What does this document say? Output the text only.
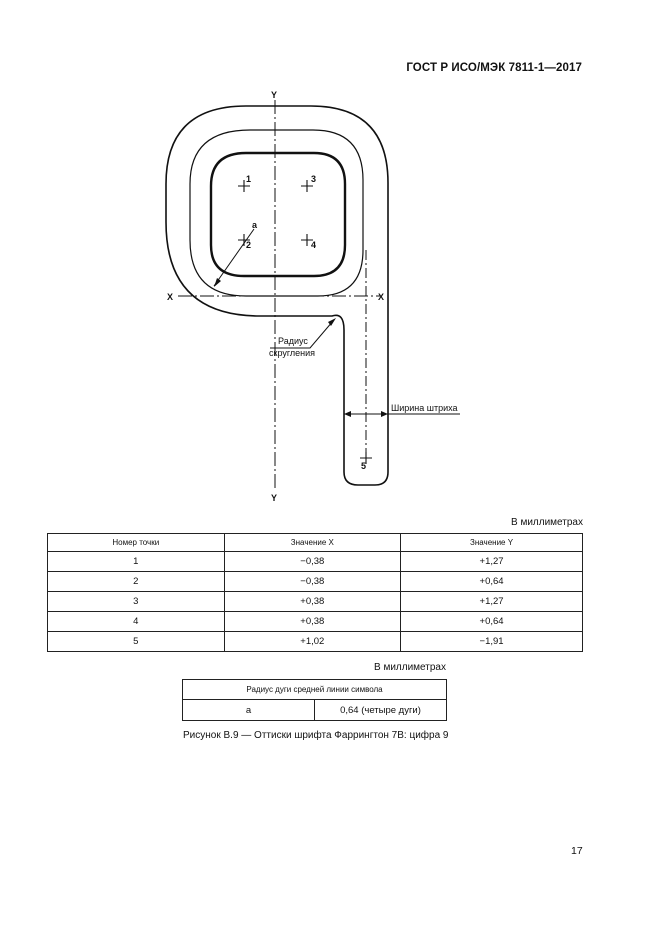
ГОСТ Р ИСО/МЭК 7811-1—2017
Y
Y
X	X
1
2
3
4
5
a
Радиус
скругления
Ширина штриха
В миллиметрах
Номер точки	Значение X	Значение Y
1	−0,38	+1,27
2	−0,38	+0,64
3	+0,38	+1,27
4	+0,38	+0,64
5	+1,02	−1,91
В миллиметрах
Радиус дуги средней линии символа
a	0,64 (четыре дуги)
Рисунок В.9 — Оттиски шрифта Фаррингтон 7B: цифра 9
17
